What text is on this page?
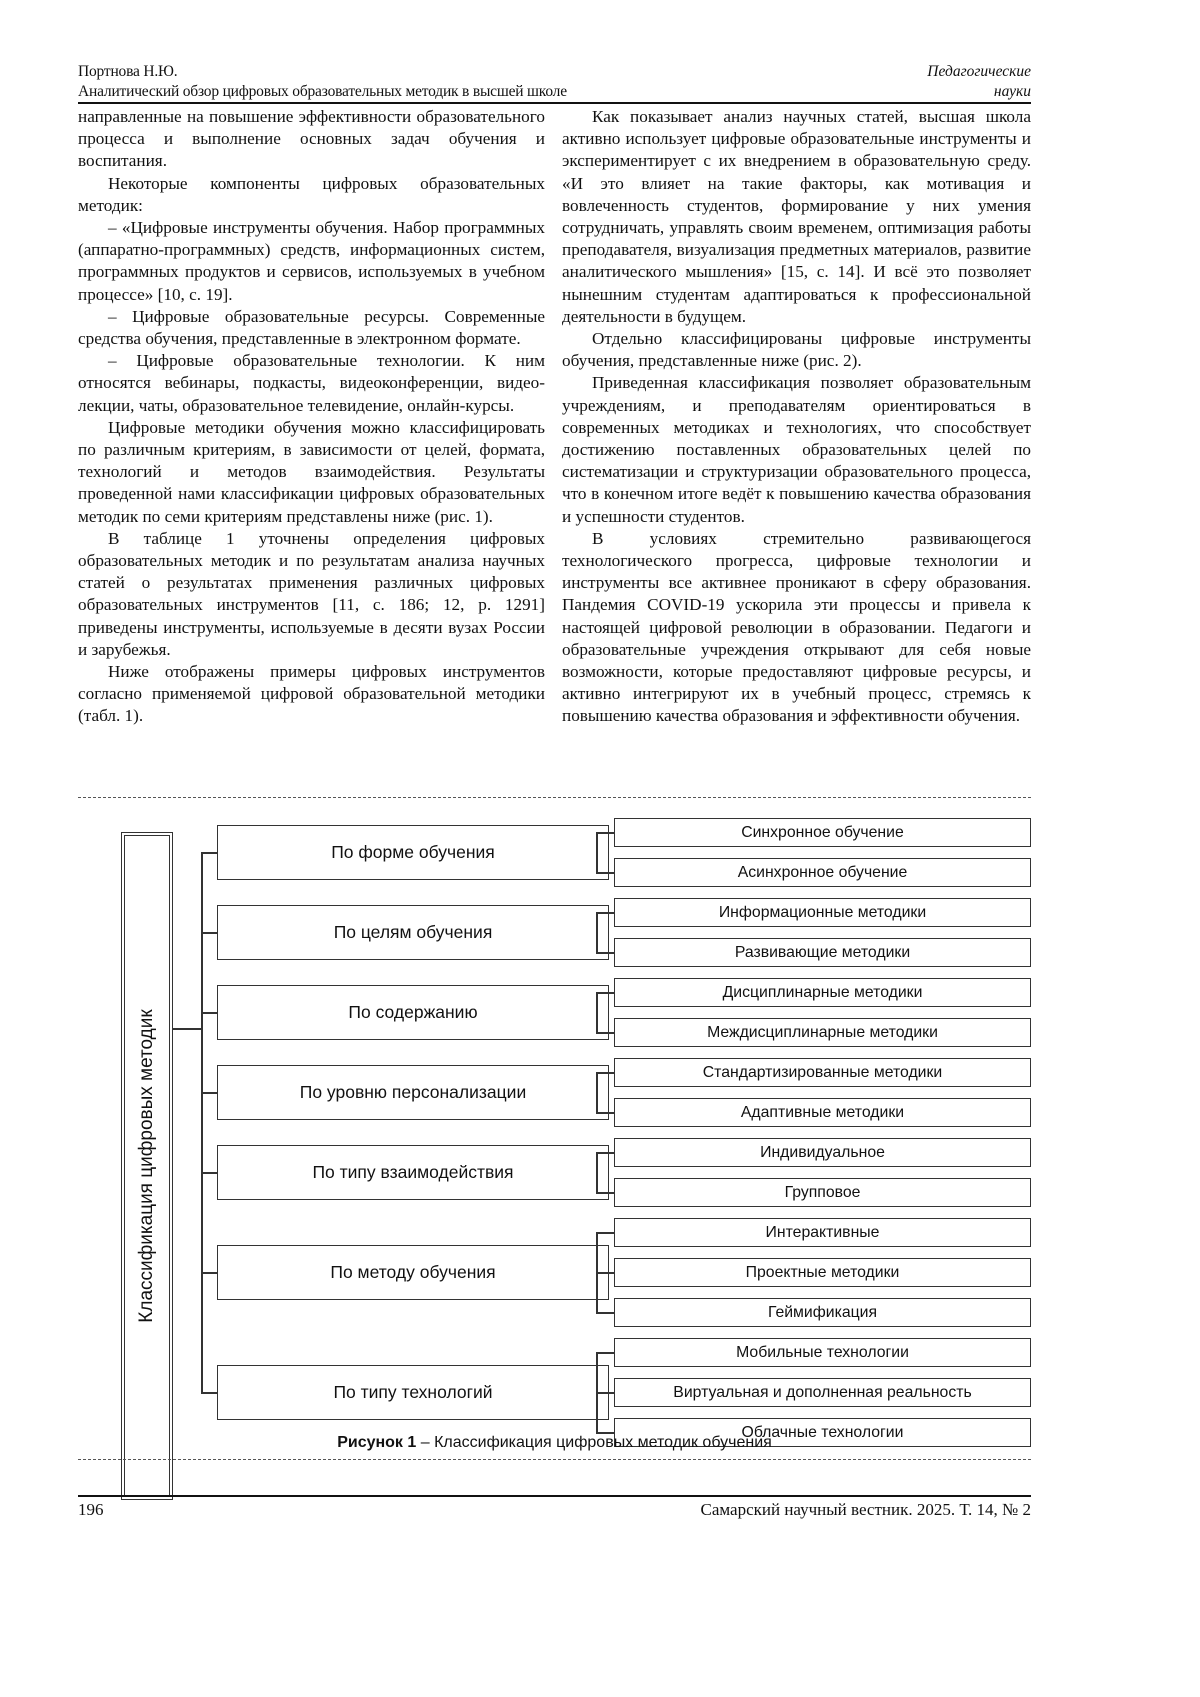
Портнова Н.Ю.
Аналитический обзор цифровых образовательных методик в высшей школе
Педагогические
науки

направленные на повышение эффективности образовательного процесса и выполнение основных задач обучения и воспитания.

Некоторые компоненты цифровых образовательных методик:

– «Цифровые инструменты обучения. Набор программных (аппаратно-программных) средств, информационных систем, программных продуктов и сервисов, используемых в учебном процессе» [10, с. 19].

– Цифровые образовательные ресурсы. Современные средства обучения, представленные в электронном формате.

– Цифровые образовательные технологии. К ним относятся вебинары, подкасты, видеоконференции, видео-лекции, чаты, образовательное телевидение, онлайн-курсы.

Цифровые методики обучения можно классифицировать по различным критериям, в зависимости от целей, формата, технологий и методов взаимодействия. Результаты проведенной нами классификации цифровых образовательных методик по семи критериям представлены ниже (рис. 1).

В таблице 1 уточнены определения цифровых образовательных методик и по результатам анализа научных статей о результатах применения различных цифровых образовательных инструментов [11, с. 186; 12, p. 1291] приведены инструменты, используемые в десяти вузах России и зарубежья.

Ниже отображены примеры цифровых инструментов согласно применяемой цифровой образовательной методики (табл. 1).

Как показывает анализ научных статей, высшая школа активно использует цифровые образовательные инструменты и экспериментирует с их внедрением в образовательную среду. «И это влияет на такие факторы, как мотивация и вовлеченность студентов, формирование у них умения сотрудничать, управлять своим временем, оптимизация работы преподавателя, визуализация предметных материалов, развитие аналитического мышления» [15, с. 14]. И всё это позволяет нынешним студентам адаптироваться к профессиональной деятельности в будущем.

Отдельно классифицированы цифровые инструменты обучения, представленные ниже (рис. 2).

Приведенная классификация позволяет образовательным учреждениям, и преподавателям ориентироваться в современных методиках и технологиях, что способствует достижению поставленных образовательных целей по систематизации и структуризации образовательного процесса, что в конечном итоге ведёт к повышению качества образования и успешности студентов.

В условиях стремительно развивающегося технологического прогресса, цифровые технологии и инструменты все активнее проникают в сферу образования. Пандемия COVID-19 ускорила эти процессы и привела к настоящей цифровой революции в образовании. Педагоги и образовательные учреждения открывают для себя новые возможности, которые предоставляют цифровые ресурсы, и активно интегрируют их в учебный процесс, стремясь к повышению качества образования и эффективности обучения.

Классификация цифровых методик
Синхронное обучение
Асинхронное обучение
По форме обучения
Информационные методики
Развивающие методики
По целям обучения
Дисциплинарные методики
Междисциплинарные методики
По содержанию
Стандартизированные методики
Адаптивные методики
По уровню персонализации
Индивидуальное
Групповое
По типу взаимодействия
Интерактивные
Проектные методики
Геймификация
По методу обучения
Мобильные технологии
Виртуальная и дополненная реальность
Облачные технологии
По типу технологий
Рисунок 1 – Классификация цифровых методик обучения
196	Самарский научный вестник. 2025. Т. 14, № 2
